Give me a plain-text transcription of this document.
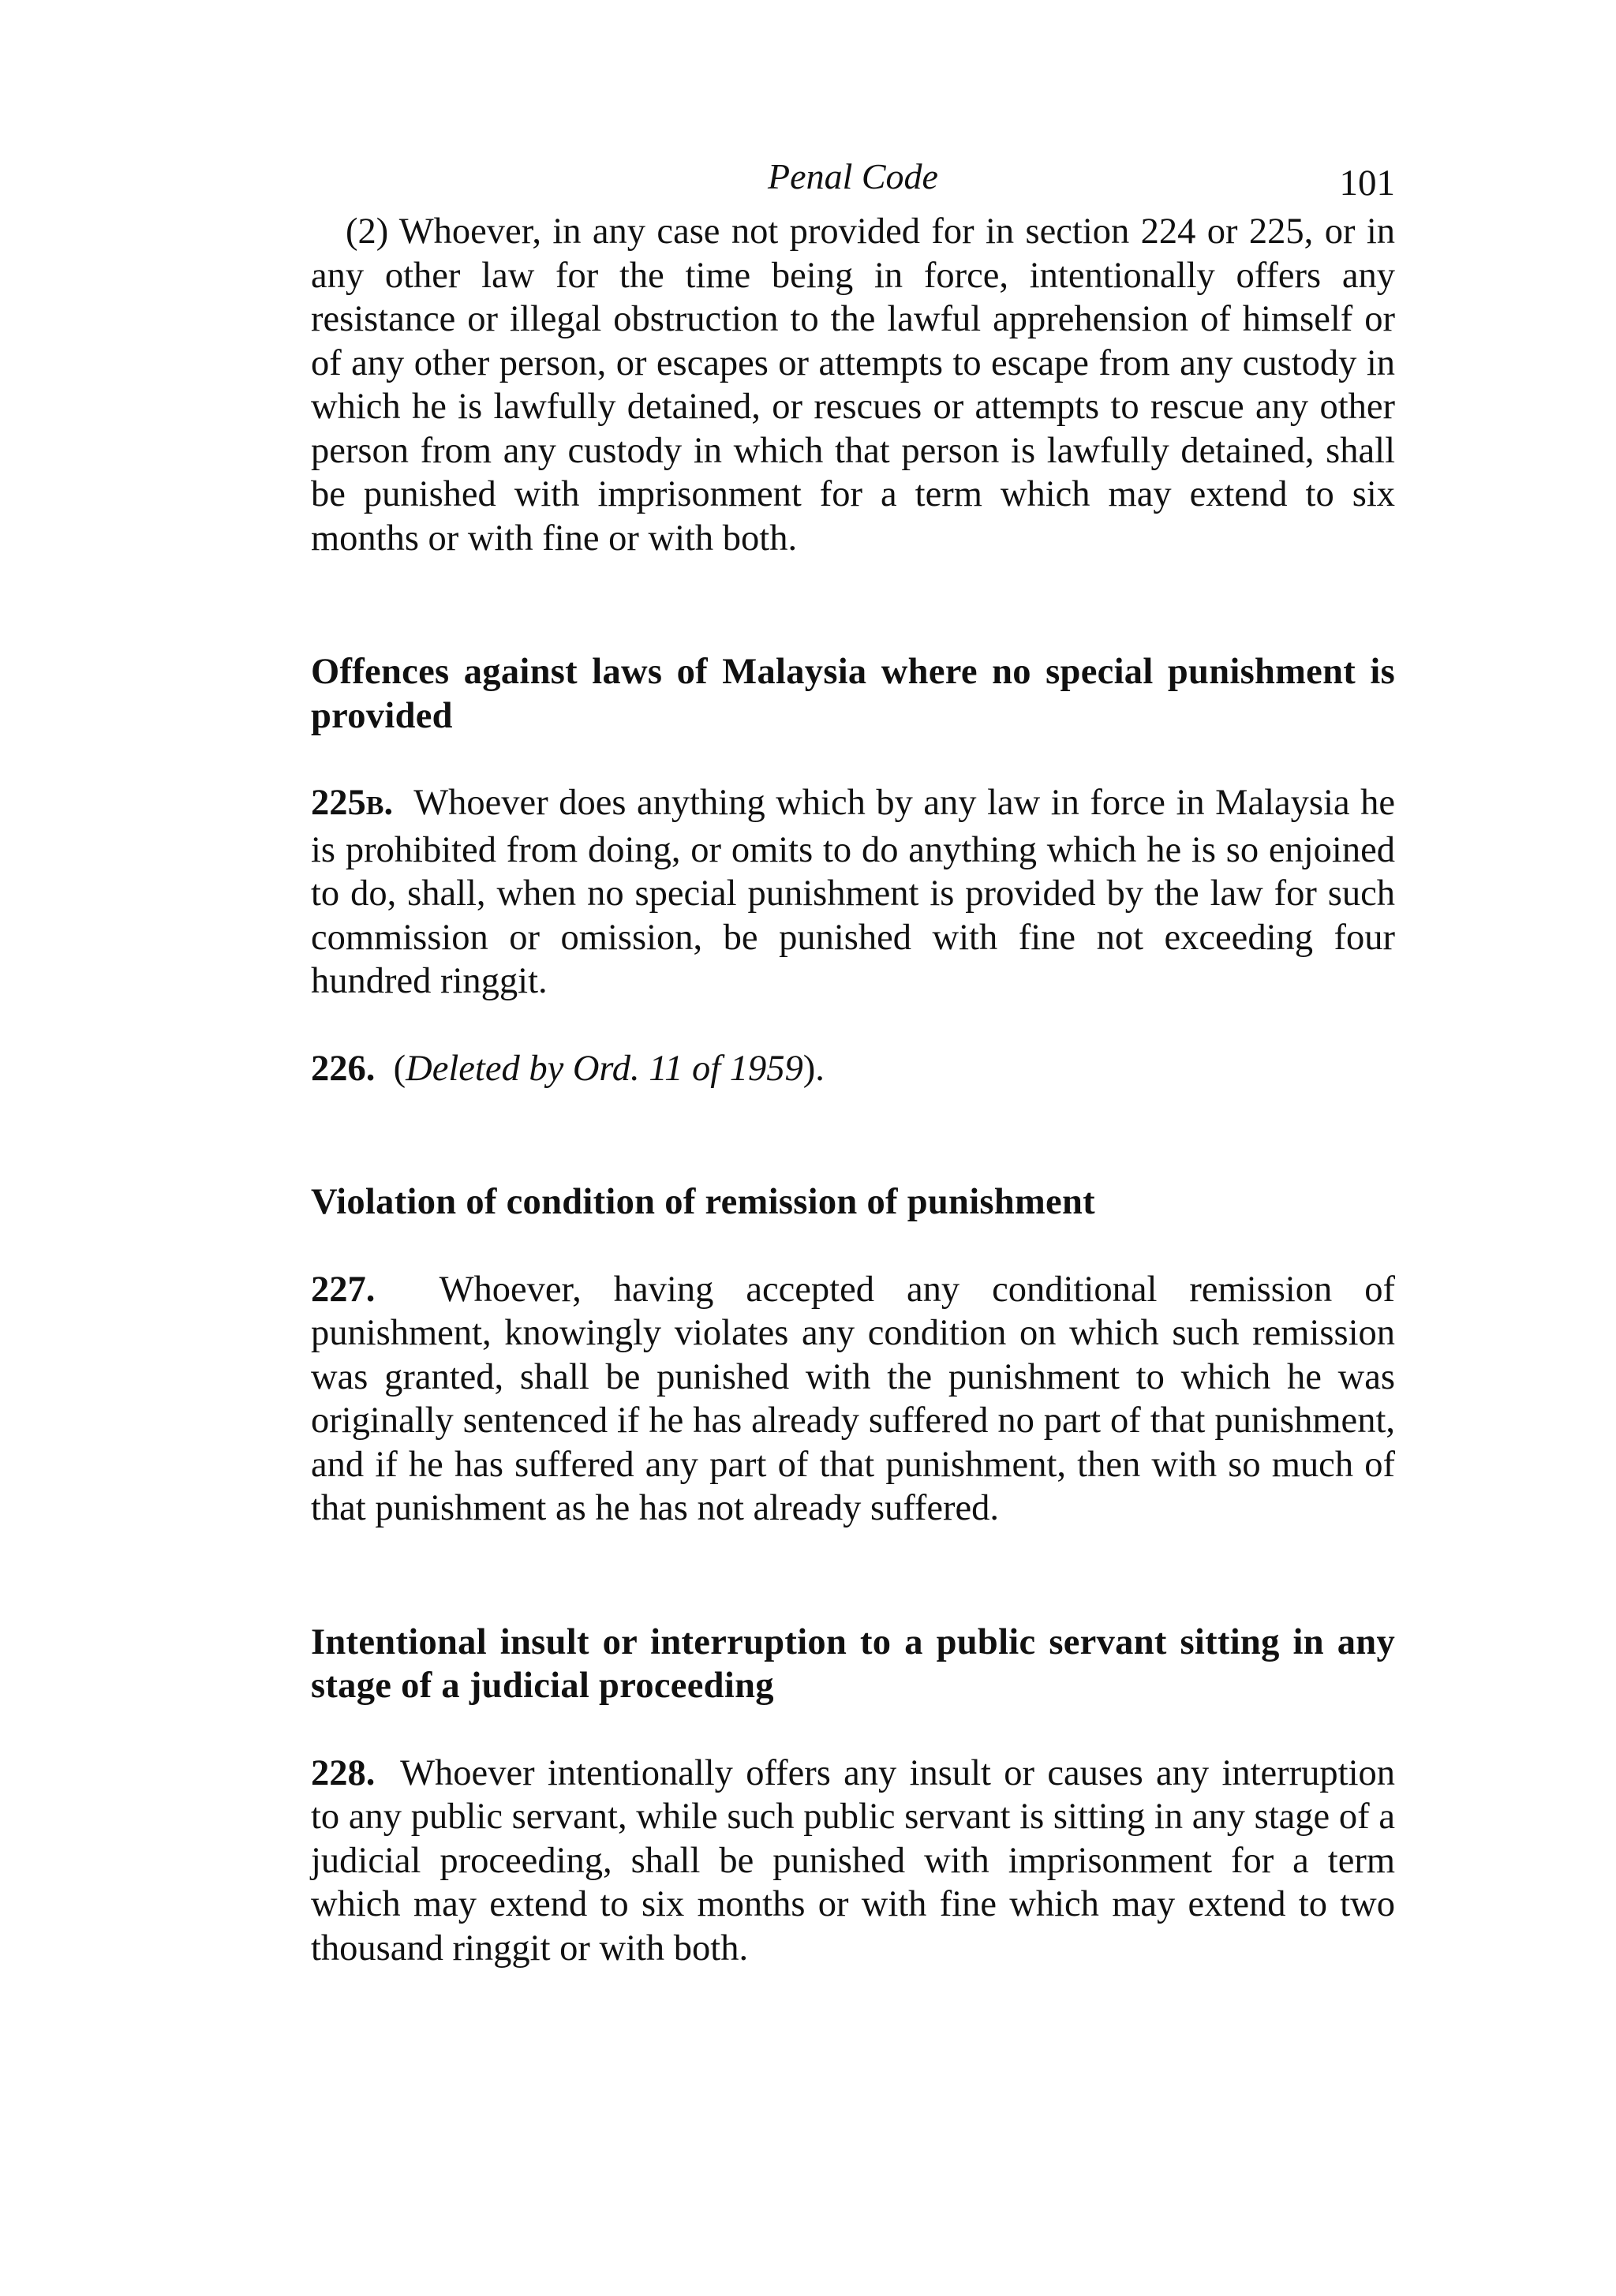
Penal Code	101

(2) Whoever, in any case not provided for in section 224 or 225, or in any other law for the time being in force, intentionally offers any resistance or illegal obstruction to the lawful apprehension of himself or of any other person, or escapes or attempts to escape from any custody in which he is lawfully detained, or rescues or attempts to rescue any other person from any custody in which that person is lawfully detained, shall be punished with imprisonment for a term which may extend to six months or with fine or with both.

Offences against laws of Malaysia where no special punishment is provided

225B. Whoever does anything which by any law in force in Malaysia he is prohibited from doing, or omits to do anything which he is so enjoined to do, shall, when no special punishment is provided by the law for such commission or omission, be punished with fine not exceeding four hundred ringgit.

226. (Deleted by Ord. 11 of 1959).

Violation of condition of remission of punishment

227. Whoever, having accepted any conditional remission of punishment, knowingly violates any condition on which such remission was granted, shall be punished with the punishment to which he was originally sentenced if he has already suffered no part of that punishment, and if he has suffered any part of that punishment, then with so much of that punishment as he has not already suffered.

Intentional insult or interruption to a public servant sitting in any stage of a judicial proceeding

228. Whoever intentionally offers any insult or causes any interruption to any public servant, while such public servant is sitting in any stage of a judicial proceeding, shall be punished with imprisonment for a term which may extend to six months or with fine which may extend to two thousand ringgit or with both.
